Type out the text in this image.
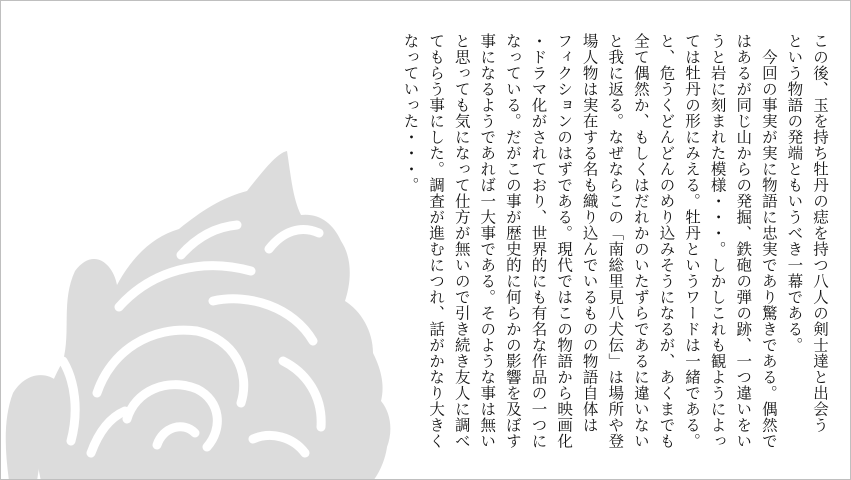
この後、玉を持ち牡丹の痣を持つ八人の剣士達と出会う

という物語の発端ともいうべき一幕である。

　今回の事実が実に物語に忠実であり驚きである。偶然で

はあるが同じ山からの発掘、鉄砲の弾の跡、一つ違いをい

うと岩に刻まれた模様・・・。しかしこれも観ようによっ

ては牡丹の形にみえる。牡丹というワードは一緒である。

と、危うくどんどんのめり込みそうになるが、あくまでも

全て偶然か、もしくはだれかのいたずらであるに違いない

と我に返る。なぜならこの「南総里見八犬伝」は場所や登

場人物は実在する名も織り込んでいるものの物語自体は

フィクションのはずである。現代ではこの物語から映画化

・ドラマ化がされており、世界的にも有名な作品の一つに

なっている。だがこの事が歴史的に何らかの影響を及ぼす

事になるようであれば一大事である。そのような事は無い

と思っても気になって仕方が無いので引き続き友人に調べ

てもらう事にした。調査が進むにつれ、話がかなり大きく

なっていった・・・。
